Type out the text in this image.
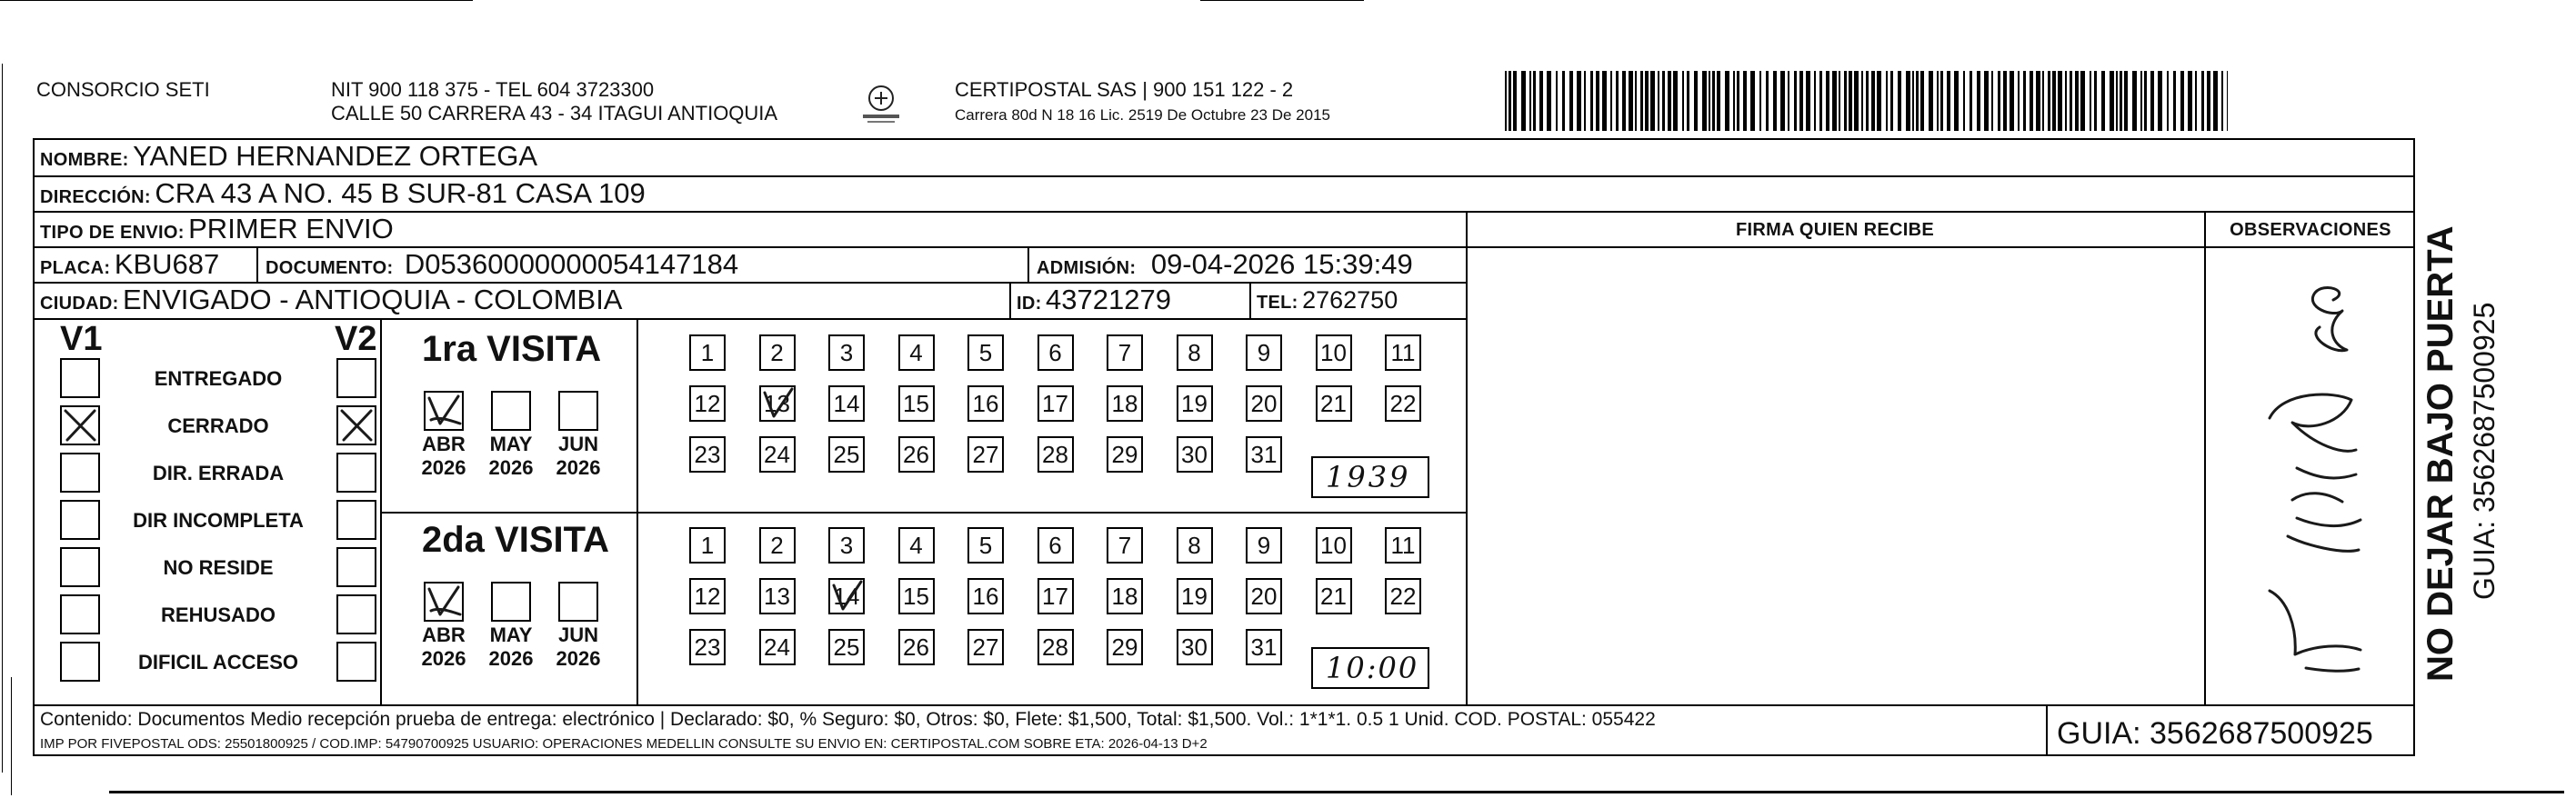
CONSORCIO SETI	NIT 900 118 375 - TEL 604 3723300
CALLE 50 CARRERA 43 - 34 ITAGUI ANTIOQUIA
CERTIPOSTAL SAS | 900 151 122 - 2
Carrera 80d N 18 16 Lic. 2519 De Octubre 23 De 2015
NOMBRE: YANED HERNANDEZ ORTEGA
DIRECCIÓN: CRA 43 A NO. 45 B SUR-81 CASA 109
TIPO DE ENVIO: PRIMER ENVIO	FIRMA QUIEN RECIBE	OBSERVACIONES
PLACA: KBU687	DOCUMENTO: D05360000000054147184	ADMISIÓN: 09-04-2026 15:39:49
CIUDAD: ENVIGADO - ANTIOQUIA - COLOMBIA	ID: 43721279	TEL: 2762750
V1	V2
ENTREGADO
CERRADO
DIR. ERRADA
DIR INCOMPLETA
NO RESIDE
REHUSADO
DIFICIL ACCESO
1ra VISITA
2da VISITA
ABR
2026
MAY
2026
JUN
2026
ABR
2026
MAY
2026
JUN
2026
1	2	3	4	5	6	7	8	9	10 11
12 13 14 15 16 17 18 19 20 21 22
23 24 25 26 27 28 29 30 31
1	2	3	4	5	6	7	8	9	10 11
12 13 14 15 16 17 18 19 20 21 22
23 24 25 26 27 28 29 30 31
1939
10:00
Contenido: Documentos Medio recepción prueba de entrega: electrónico | Declarado: $0, % Seguro: $0, Otros: $0, Flete: $1,500, Total: $1,500. Vol.: 1*1*1. 0.5 1 Unid. COD. POSTAL: 055422
IMP POR FIVEPOSTAL ODS: 25501800925 / COD.IMP: 54790700925 USUARIO: OPERACIONES MEDELLIN CONSULTE SU ENVIO EN: CERTIPOSTAL.COM SOBRE ETA: 2026-04-13 D+2	GUIA: 3562687500925
NO DEJAR BAJO PUERTA GUIA: 3562687500925
